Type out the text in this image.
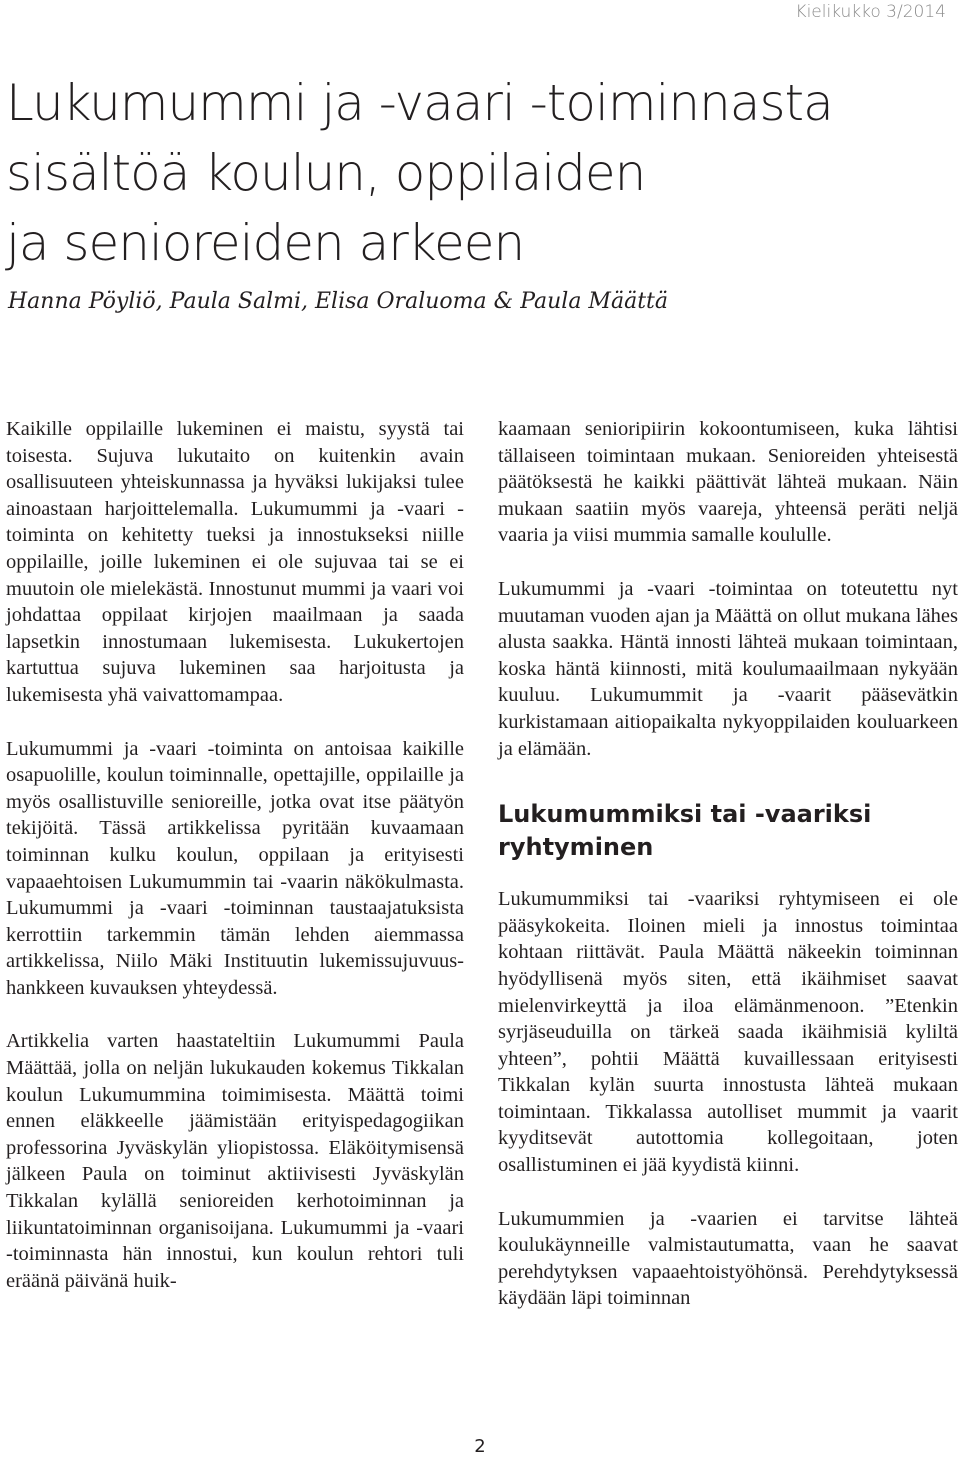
Kielikukko 3/2014
Lukumummi ja -vaari -toiminnasta
sisältöä koulun, oppilaiden
ja senioreiden arkeen
Hanna Pöyliö, Paula Salmi, Elisa Oraluoma & Paula Määttä

Kaikille oppilaille lukeminen ei maistu, syystä tai toisesta. Sujuva lukutaito on kuitenkin avain osallisuuteen yhteiskunnassa ja hyväksi lukijaksi tulee ainoastaan harjoittelemalla. Lukumummi ja -vaari -toiminta on kehitetty tueksi ja innostukseksi niille oppilaille, joille lukeminen ei ole sujuvaa tai se ei muutoin ole mielekästä. Innostunut mummi ja vaari voi johdattaa oppilaat kirjojen maailmaan ja saada lapsetkin innostumaan lukemisesta. Lukukertojen kartuttua sujuva lukeminen saa harjoitusta ja lukemisesta yhä vaivattomampaa.

Lukumummi ja -vaari -toiminta on antoisaa kaikille osapuolille, koulun toiminnalle, opettajille, oppilaille ja myös osallistuville senioreille, jotka ovat itse päätyön tekijöitä. Tässä artikkelissa pyritään kuvaamaan toiminnan kulku koulun, oppilaan ja erityisesti vapaaehtoisen Lukumummin tai -vaarin näkökulmasta. Lukumummi ja -vaari -toiminnan taustaajatuksista kerrottiin tarkemmin tämän lehden aiemmassa artikkelissa, Niilo Mäki Instituutin lukemissujuvuus-hankkeen kuvauksen yhteydessä.

Artikkelia varten haastateltiin Lukumummi Paula Määttää, jolla on neljän lukukauden kokemus Tikkalan koulun Lukumummina toimimisesta. Määttä toimi ennen eläkkeelle jäämistään erityispedagogiikan professorina Jyväskylän yliopistossa. Eläköitymisensä jälkeen Paula on toiminut aktiivisesti Jyväskylän Tikkalan kylällä senioreiden kerhotoiminnan ja liikuntatoiminnan organisoijana. Lukumummi ja -vaari -toiminnasta hän innostui, kun koulun rehtori tuli eräänä päivänä huik-

kaamaan senioripiirin kokoontumiseen, kuka lähtisi tällaiseen toimintaan mukaan. Senioreiden yhteisestä päätöksestä he kaikki päättivät lähteä mukaan. Näin mukaan saatiin myös vaareja, yhteensä peräti neljä vaaria ja viisi mummia samalle koululle.

Lukumummi ja -vaari -toimintaa on toteutettu nyt muutaman vuoden ajan ja Määttä on ollut mukana lähes alusta saakka. Häntä innosti lähteä mukaan toimintaan, koska häntä kiinnosti, mitä koulumaailmaan nykyään kuuluu. Lukumummit ja -vaarit pääsevätkin kurkistamaan aitiopaikalta nykyoppilaiden kouluarkeen ja elämään.

Lukumummiksi tai -vaariksi ryhtyminen

Lukumummiksi tai -vaariksi ryhtymiseen ei ole pääsykokeita. Iloinen mieli ja innostus toimintaa kohtaan riittävät. Paula Määttä näkeekin toiminnan hyödyllisenä myös siten, että ikäihmiset saavat mielenvirkeyttä ja iloa elämänmenoon. ”Etenkin syrjäseuduilla on tärkeä saada ikäihmisiä kyliltä yhteen”, pohtii Määttä kuvaillessaan erityisesti Tikkalan kylän suurta innostusta lähteä mukaan toimintaan. Tikkalassa autolliset mummit ja vaarit kyyditsevät autottomia kollegoitaan, joten osallistuminen ei jää kyydistä kiinni.

Lukumummien ja -vaarien ei tarvitse lähteä koulukäynneille valmistautumatta, vaan he saavat perehdytyksen vapaaehtoistyöhönsä. Perehdytyksessä käydään läpi toiminnan

2
